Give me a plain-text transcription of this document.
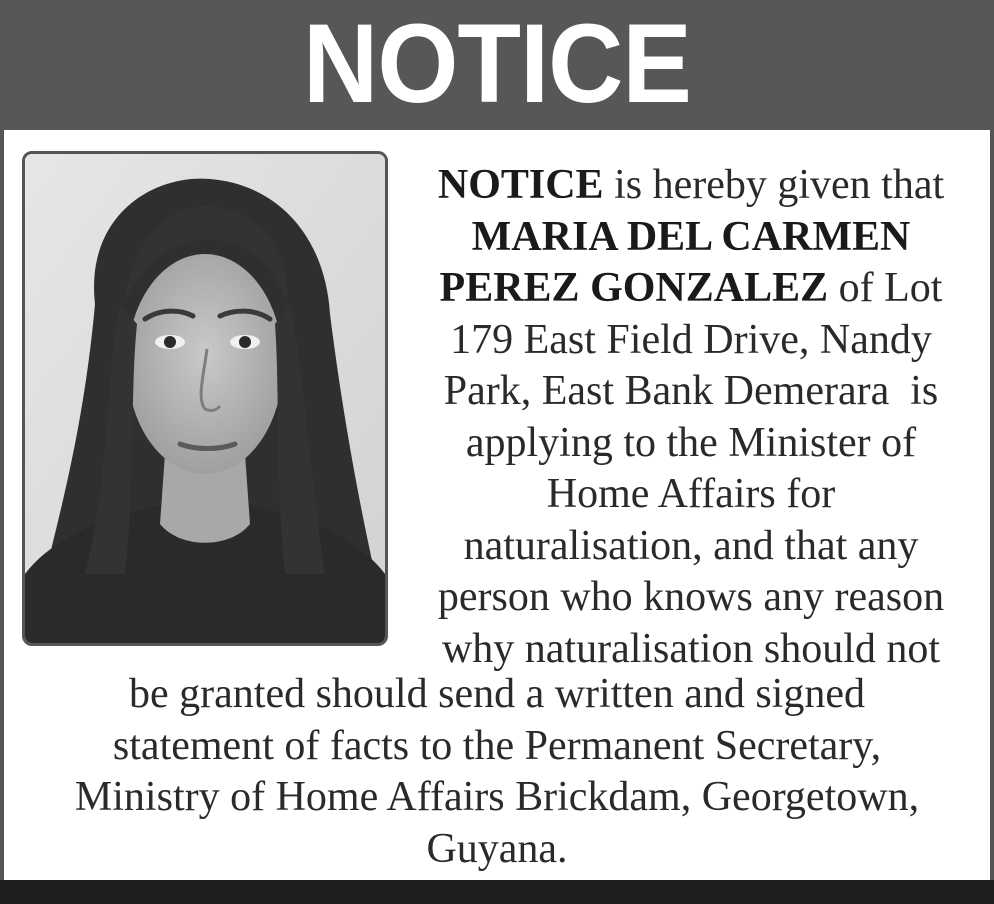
NOTICE
NOTICE is hereby given that
MARIA DEL CARMEN
PEREZ GONZALEZ of Lot
179 East Field Drive, Nandy
Park, East Bank Demerara  is
applying to the Minister of
Home Affairs for
naturalisation, and that any
person who knows any reason
why naturalisation should not
be granted should send a written and signed
statement of facts to the Permanent Secretary,
Ministry of Home Affairs Brickdam, Georgetown,
Guyana.
